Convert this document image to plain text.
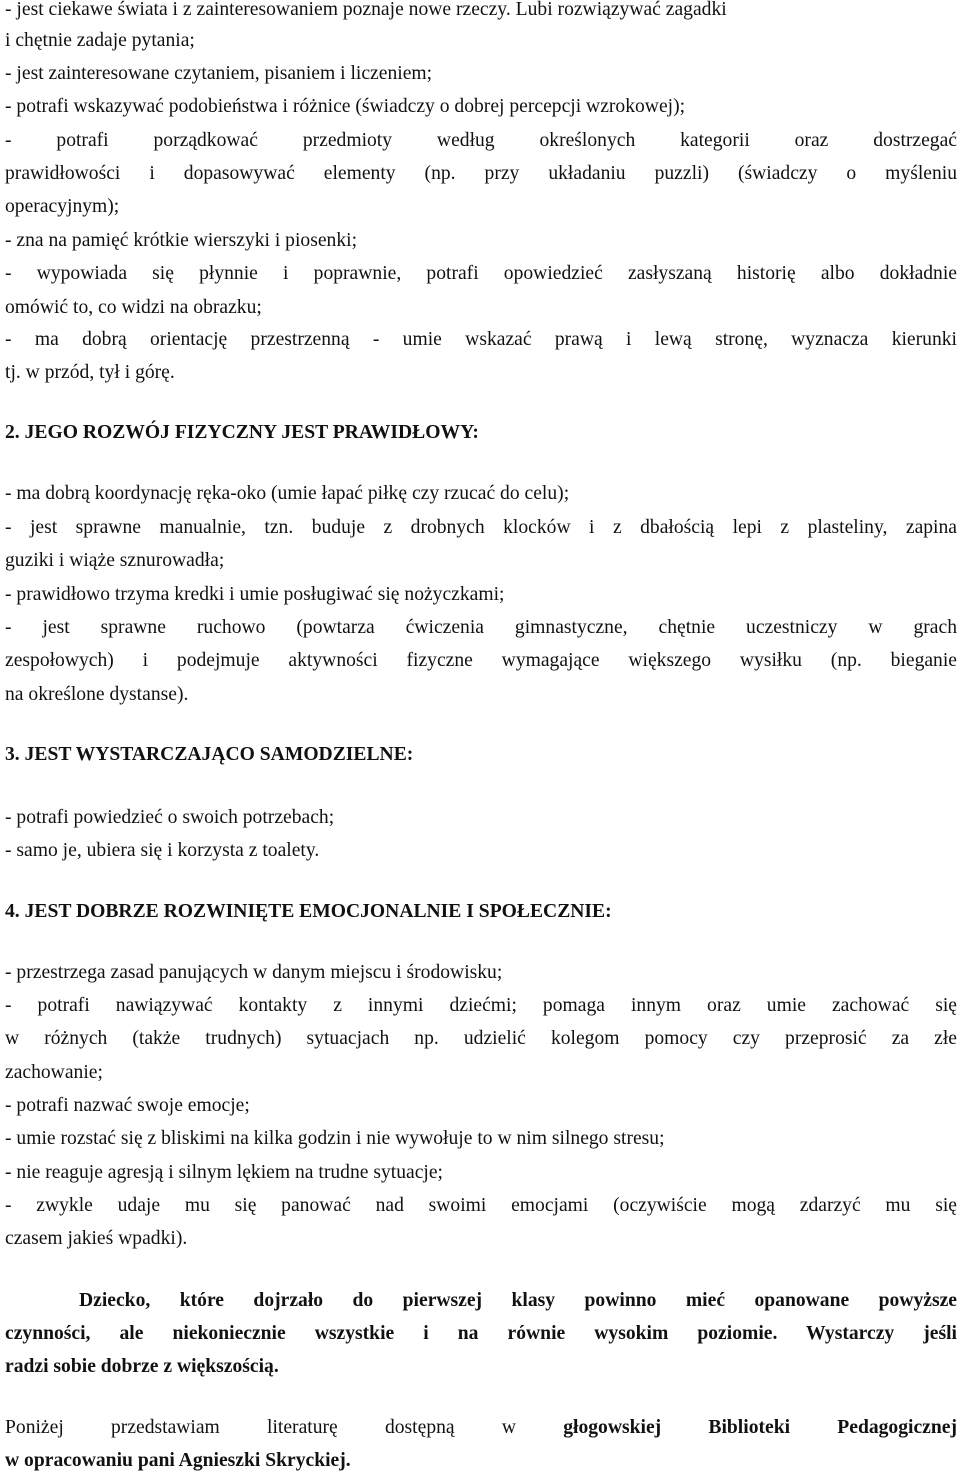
- jest ciekawe świata i z zainteresowaniem poznaje nowe rzeczy. Lubi rozwiązywać zagadki
i chętnie zadaje pytania;
- jest zainteresowane czytaniem, pisaniem i liczeniem;
- potrafi wskazywać podobieństwa i różnice (świadczy o dobrej percepcji wzrokowej);
- potrafi porządkować przedmioty według określonych kategorii oraz dostrzegać
prawidłowości i dopasowywać elementy (np. przy układaniu puzzli) (świadczy o myśleniu
operacyjnym);
- zna na pamięć krótkie wierszyki i piosenki;
- wypowiada się płynnie i poprawnie, potrafi opowiedzieć zasłyszaną historię albo dokładnie
omówić to, co widzi na obrazku;
- ma dobrą orientację przestrzenną - umie wskazać prawą i lewą stronę, wyznacza kierunki
tj. w przód, tył i górę.
2. JEGO ROZWÓJ FIZYCZNY JEST PRAWIDŁOWY:
- ma dobrą koordynację ręka-oko (umie łapać piłkę czy rzucać do celu);
- jest sprawne manualnie, tzn. buduje z drobnych klocków i z dbałością lepi z plasteliny, zapina
guziki i wiąże sznurowadła;
- prawidłowo trzyma kredki i umie posługiwać się nożyczkami;
- jest sprawne ruchowo (powtarza ćwiczenia gimnastyczne, chętnie uczestniczy w grach
zespołowych) i podejmuje aktywności fizyczne wymagające większego wysiłku (np. bieganie
na określone dystanse).
3. JEST WYSTARCZAJĄCO SAMODZIELNE:
- potrafi powiedzieć o swoich potrzebach;
- samo je, ubiera się i korzysta z toalety.
4. JEST DOBRZE ROZWINIĘTE EMOCJONALNIE I SPOŁECZNIE:
- przestrzega zasad panujących w danym miejscu i środowisku;
- potrafi nawiązywać kontakty z innymi dziećmi; pomaga innym oraz umie zachować się
w różnych (także trudnych) sytuacjach np. udzielić kolegom pomocy czy przeprosić za złe
zachowanie;
- potrafi nazwać swoje emocje;
- umie rozstać się z bliskimi na kilka godzin i nie wywołuje to w nim silnego stresu;
- nie reaguje agresją i silnym lękiem na trudne sytuacje;
- zwykle udaje mu się panować nad swoimi emocjami (oczywiście mogą zdarzyć mu się
czasem jakieś wpadki).
Dziecko, które dojrzało do pierwszej klasy powinno mieć opanowane powyższe
czynności, ale niekoniecznie wszystkie i na równie wysokim poziomie. Wystarczy jeśli
radzi sobie dobrze z większością.
Poniżej przedstawiam literaturę dostępną w głogowskiej Biblioteki Pedagogicznej
w opracowaniu pani Agnieszki Skryckiej.
